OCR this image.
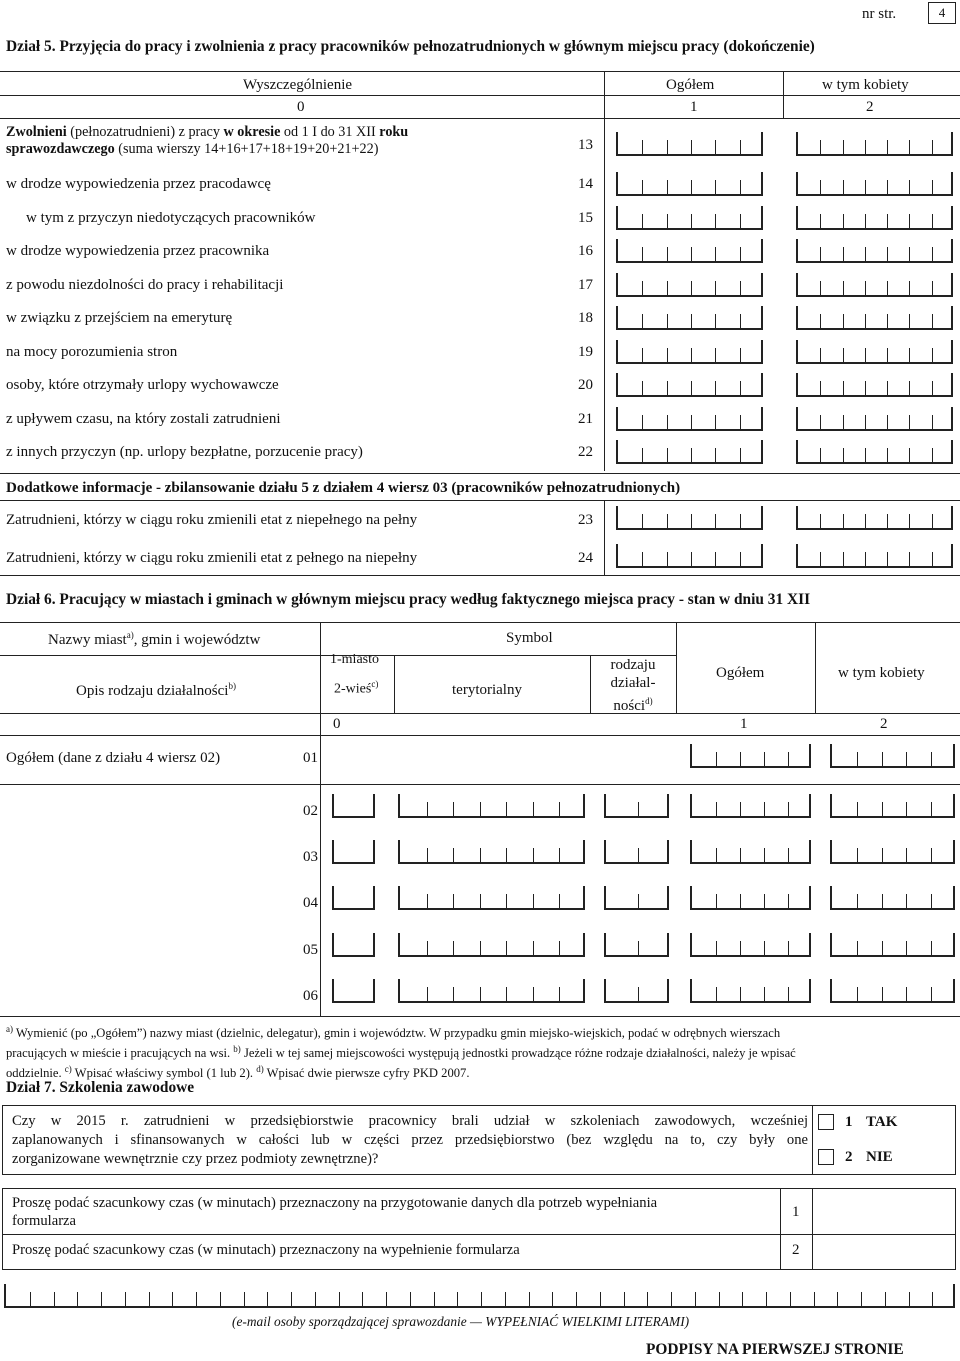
nr str.	4
Dział 5. Przyjęcia do pracy i zwolnienia z pracy pracowników pełnozatrudnionych w głównym miejscu pracy (dokończenie)
Wyszczególnienie	Ogółem	w tym kobiety
0	1	2
Zwolnieni (pełnozatrudnieni) z pracy w okresie od 1 I do 31 XII roku
sprawozdawczego (suma wierszy 14+16+17+18+19+20+21+22)	13
w drodze wypowiedzenia przez pracodawcę	14
w tym z przyczyn niedotyczących pracowników	15
w drodze wypowiedzenia przez pracownika	16
z powodu niezdolności do pracy i rehabilitacji	17
w związku z przejściem na emeryturę	18
na mocy porozumienia stron	19
osoby, które otrzymały urlopy wychowawcze	20
z upływem czasu, na który zostali zatrudnieni	21
z innych przyczyn (np. urlopy bezpłatne, porzucenie pracy)	22
Dodatkowe informacje - zbilansowanie działu 5 z działem 4 wiersz 03 (pracowników pełnozatrudnionych)
Zatrudnieni, którzy w ciągu roku zmienili etat z niepełnego na pełny	23
Zatrudnieni, którzy w ciągu roku zmienili etat z pełnego na niepełny	24
Dział 6. Pracujący w miastach i gminach w głównym miejscu pracy według faktycznego miejsca pracy - stan w dniu 31 XII
Nazwy miast$^{a)}$, gmin i województw
Opis rodzaju działalności$^{b)}$
Symbol
1-miasto
2-wieś$^{c)}$	terytorialny
rodzaju
działal-
ności$^{d)}$
Ogółem	w tym kobiety
0	1	2
Ogółem (dane z działu 4 wiersz 02)	01
02
03
04
05
06
$^{a)}$ Wymienić (po „Ogółem”) nazwy miast (dzielnic, delegatur), gmin i województw. W przypadku gmin miejsko-wiejskich, podać w odrębnych wierszach
pracujących w mieście i pracujących na wsi. $^{b)}$ Jeżeli w tej samej miejscowości występują jednostki prowadzące różne rodzaje działalności, należy je wpisać
oddzielnie. $^{c)}$ Wpisać właściwy symbol (1 lub 2). $^{d)}$ Wpisać dwie pierwsze cyfry PKD 2007.
Dział 7. Szkolenia zawodowe
Czy w 2015 r. zatrudnieni w przedsiębiorstwie pracownicy brali udział w szkoleniach zawodowych, wcześniej
zaplanowanych i sfinansowanych w całości lub w części przez przedsiębiorstwo (bez względu na to, czy były one
zorganizowane wewnętrznie czy przez podmioty zewnętrzne)?
1 TAK
2 NIE
Proszę podać szacunkowy czas (w minutach) przeznaczony na przygotowanie danych dla potrzeb wypełniania
formularza
1
Proszę podać szacunkowy czas (w minutach) przeznaczony na wypełnienie formularza	2
(e-mail osoby sporządzającej sprawozdanie — WYPEŁNIAĆ WIELKIMI LITERAMI)
PODPISY NA PIERWSZEJ STRONIE
